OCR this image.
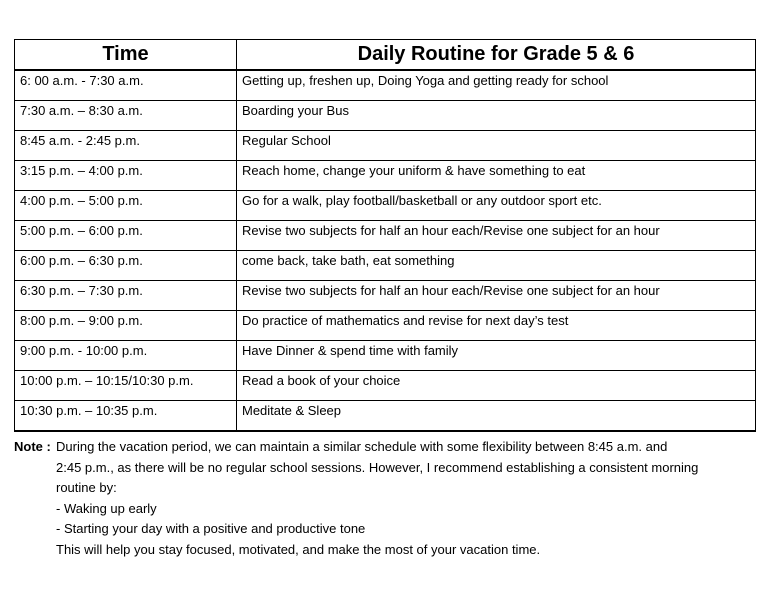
Time	Daily Routine for Grade 5 & 6
6: 00 a.m. - 7:30 a.m.	Getting up, freshen up, Doing Yoga and getting ready for school
7:30 a.m. – 8:30 a.m.	Boarding your Bus
8:45 a.m. - 2:45 p.m.	Regular School
3:15 p.m. – 4:00 p.m.	Reach home, change your uniform & have something to eat
4:00 p.m. – 5:00 p.m.	Go for a walk, play football/basketball or any outdoor sport etc.
5:00 p.m. – 6:00 p.m.	Revise two subjects for half an hour each/Revise one subject for an hour
6:00 p.m. – 6:30 p.m.	come back, take bath, eat something
6:30 p.m. – 7:30 p.m.	Revise two subjects for half an hour each/Revise one subject for an hour
8:00 p.m. – 9:00 p.m.	Do practice of mathematics and revise for next day’s test
9:00 p.m. - 10:00 p.m.	Have Dinner & spend time with family
10:00 p.m. – 10:15/10:30 p.m.	Read a book of your choice
10:30 p.m. – 10:35 p.m.	Meditate & Sleep
Note : During the vacation period, we can maintain a similar schedule with some flexibility between 8:45 a.m. and
2:45 p.m., as there will be no regular school sessions. However, I recommend establishing a consistent morning
routine by:
- Waking up early
- Starting your day with a positive and productive tone
This will help you stay focused, motivated, and make the most of your vacation time.
